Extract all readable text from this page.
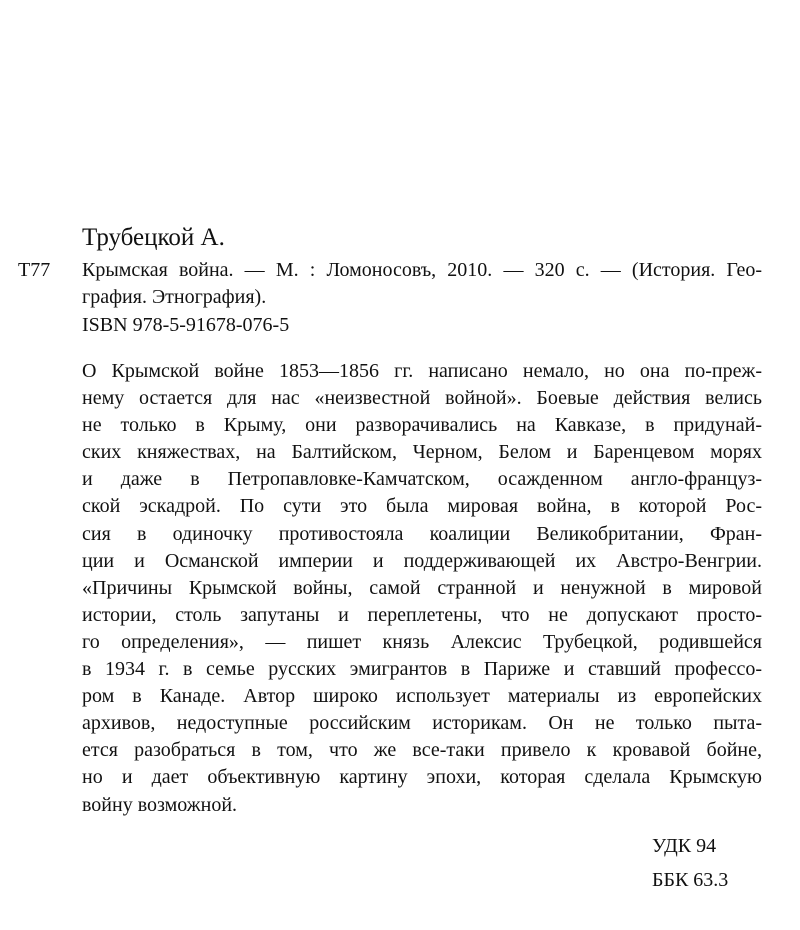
Трубецкой А.
Т77 Крымская война. — М. : Ломоносовъ, 2010. — 320 с. — (История. Гео-
графия. Этнография).
ISBN 978-5-91678-076-5
О Крымской войне 1853—1856 гг. написано немало, но она по-преж-
нему остается для нас «неизвестной войной». Боевые действия велись
не только в Крыму, они разворачивались на Кавказе, в придунай-
ских княжествах, на Балтийском, Черном, Белом и Баренцевом морях
и даже в Петропавловке-Камчатском, осажденном англо-француз-
ской эскадрой. По сути это была мировая война, в которой Рос-
сия в одиночку противостояла коалиции Великобритании, Фран-
ции и Османской империи и поддерживающей их Австро-Венгрии.
«Причины Крымской войны, самой странной и ненужной в мировой
истории, столь запутаны и переплетены, что не допускают просто-
го определения», — пишет князь Алексис Трубецкой, родившейся
в 1934 г. в семье русских эмигрантов в Париже и ставший профессо-
ром в Канаде. Автор широко использует материалы из европейских
архивов, недоступные российским историкам. Он не только пыта-
ется разобраться в том, что же все-таки привело к кровавой бойне,
но и дает объективную картину эпохи, которая сделала Крымскую
войну возможной.
УДК 94
ББК 63.3
